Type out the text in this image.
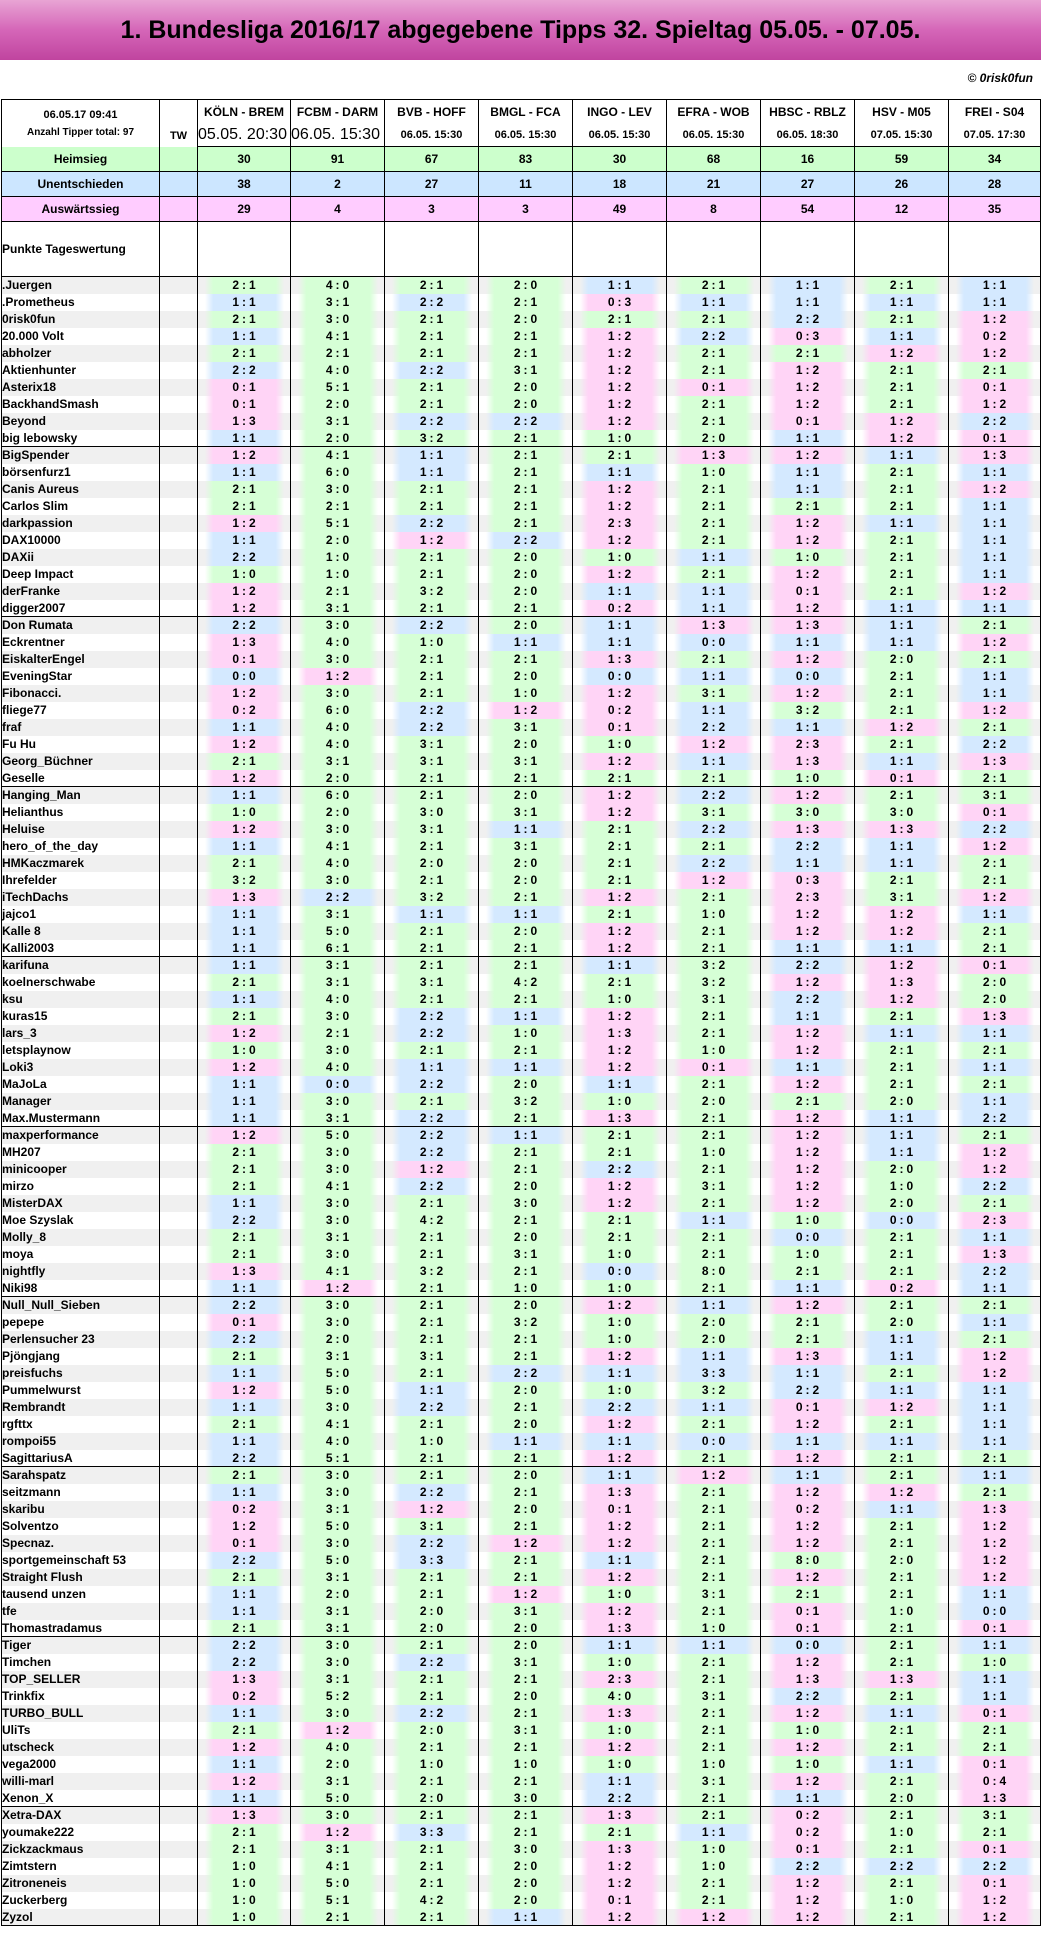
1. Bundesliga 2016/17 abgegebene Tipps 32. Spieltag 05.05. - 07.05.
© 0risk0fun
06.05.17 09:41
Anzahl Tipper total: 97	TW	KÖLN - BREM	FCBM - DARM	BVB - HOFF	BMGL - FCA	INGO - LEV	EFRA - WOB	HBSC - RBLZ	HSV - M05	FREI - S04
		05.05. 20:30	06.05. 15:30	06.05. 15:30	06.05. 15:30	06.05. 15:30	06.05. 15:30	06.05. 18:30	07.05. 15:30	07.05. 17:30
Heimsieg		30	91	67	83	30	68	16	59	34
Unentschieden		38	2	27	11	18	21	27	26	28
Auswärtssieg		29	4	3	3	49	8	54	12	35
Punkte Tageswertung										
.Juergen		2 : 1	4 : 0	2 : 1	2 : 0	1 : 1	2 : 1	1 : 1	2 : 1	1 : 1
.Prometheus		1 : 1	3 : 1	2 : 2	2 : 1	0 : 3	1 : 1	1 : 1	1 : 1	1 : 1
0risk0fun		2 : 1	3 : 0	2 : 1	2 : 0	2 : 1	2 : 1	2 : 2	2 : 1	1 : 2
20.000 Volt		1 : 1	4 : 1	2 : 1	2 : 1	1 : 2	2 : 2	0 : 3	1 : 1	0 : 2
abholzer		2 : 1	2 : 1	2 : 1	2 : 1	1 : 2	2 : 1	2 : 1	1 : 2	1 : 2
Aktienhunter		2 : 2	4 : 0	2 : 2	3 : 1	1 : 2	2 : 1	1 : 2	2 : 1	2 : 1
Asterix18		0 : 1	5 : 1	2 : 1	2 : 0	1 : 2	0 : 1	1 : 2	2 : 1	0 : 1
BackhandSmash		0 : 1	2 : 0	2 : 1	2 : 0	1 : 2	2 : 1	1 : 2	2 : 1	1 : 2
Beyond		1 : 3	3 : 1	2 : 2	2 : 2	1 : 2	2 : 1	0 : 1	1 : 2	2 : 2
big lebowsky		1 : 1	2 : 0	3 : 2	2 : 1	1 : 0	2 : 0	1 : 1	1 : 2	0 : 1
BigSpender		1 : 2	4 : 1	1 : 1	2 : 1	2 : 1	1 : 3	1 : 2	1 : 1	1 : 3
börsenfurz1		1 : 1	6 : 0	1 : 1	2 : 1	1 : 1	1 : 0	1 : 1	2 : 1	1 : 1
Canis Aureus		2 : 1	3 : 0	2 : 1	2 : 1	1 : 2	2 : 1	1 : 1	2 : 1	1 : 2
Carlos Slim		2 : 1	2 : 1	2 : 1	2 : 1	1 : 2	2 : 1	2 : 1	2 : 1	1 : 1
darkpassion		1 : 2	5 : 1	2 : 2	2 : 1	2 : 3	2 : 1	1 : 2	1 : 1	1 : 1
DAX10000		1 : 1	2 : 0	1 : 2	2 : 2	1 : 2	2 : 1	1 : 2	2 : 1	1 : 1
DAXii		2 : 2	1 : 0	2 : 1	2 : 0	1 : 0	1 : 1	1 : 0	2 : 1	1 : 1
Deep Impact		1 : 0	1 : 0	2 : 1	2 : 0	1 : 2	2 : 1	1 : 2	2 : 1	1 : 1
derFranke		1 : 2	2 : 1	3 : 2	2 : 0	1 : 1	1 : 1	0 : 1	2 : 1	1 : 2
digger2007		1 : 2	3 : 1	2 : 1	2 : 1	0 : 2	1 : 1	1 : 2	1 : 1	1 : 1
Don Rumata		2 : 2	3 : 0	2 : 2	2 : 0	1 : 1	1 : 3	1 : 3	1 : 1	2 : 1
Eckrentner		1 : 3	4 : 0	1 : 0	1 : 1	1 : 1	0 : 0	1 : 1	1 : 1	1 : 2
EiskalterEngel		0 : 1	3 : 0	2 : 1	2 : 1	1 : 3	2 : 1	1 : 2	2 : 0	2 : 1
EveningStar		0 : 0	1 : 2	2 : 1	2 : 0	0 : 0	1 : 1	0 : 0	2 : 1	1 : 1
Fibonacci.		1 : 2	3 : 0	2 : 1	1 : 0	1 : 2	3 : 1	1 : 2	2 : 1	1 : 1
fliege77		0 : 2	6 : 0	2 : 2	1 : 2	0 : 2	1 : 1	3 : 2	2 : 1	1 : 2
fraf		1 : 1	4 : 0	2 : 2	3 : 1	0 : 1	2 : 2	1 : 1	1 : 2	2 : 1
Fu Hu		1 : 2	4 : 0	3 : 1	2 : 0	1 : 0	1 : 2	2 : 3	2 : 1	2 : 2
Georg_Büchner		2 : 1	3 : 1	3 : 1	3 : 1	1 : 2	1 : 1	1 : 3	1 : 1	1 : 3
Geselle		1 : 2	2 : 0	2 : 1	2 : 1	2 : 1	2 : 1	1 : 0	0 : 1	2 : 1
Hanging_Man		1 : 1	6 : 0	2 : 1	2 : 0	1 : 2	2 : 2	1 : 2	2 : 1	3 : 1
Helianthus		1 : 0	2 : 0	3 : 0	3 : 1	1 : 2	3 : 1	3 : 0	3 : 0	0 : 1
Heluise		1 : 2	3 : 0	3 : 1	1 : 1	2 : 1	2 : 2	1 : 3	1 : 3	2 : 2
hero_of_the_day		1 : 1	4 : 1	2 : 1	3 : 1	2 : 1	2 : 1	2 : 2	1 : 1	1 : 2
HMKaczmarek		2 : 1	4 : 0	2 : 0	2 : 0	2 : 1	2 : 2	1 : 1	1 : 1	2 : 1
Ihrefelder		3 : 2	3 : 0	2 : 1	2 : 0	2 : 1	1 : 2	0 : 3	2 : 1	2 : 1
iTechDachs		1 : 3	2 : 2	3 : 2	2 : 1	1 : 2	2 : 1	2 : 3	3 : 1	1 : 2
jajco1		1 : 1	3 : 1	1 : 1	1 : 1	2 : 1	1 : 0	1 : 2	1 : 2	1 : 1
Kalle 8		1 : 1	5 : 0	2 : 1	2 : 0	1 : 2	2 : 1	1 : 2	1 : 2	2 : 1
Kalli2003		1 : 1	6 : 1	2 : 1	2 : 1	1 : 2	2 : 1	1 : 1	1 : 1	2 : 1
karifuna		1 : 1	3 : 1	2 : 1	2 : 1	1 : 1	3 : 2	2 : 2	1 : 2	0 : 1
koelnerschwabe		2 : 1	3 : 1	3 : 1	4 : 2	2 : 1	3 : 2	1 : 2	1 : 3	2 : 0
ksu		1 : 1	4 : 0	2 : 1	2 : 1	1 : 0	3 : 1	2 : 2	1 : 2	2 : 0
kuras15		2 : 1	3 : 0	2 : 2	1 : 1	1 : 2	2 : 1	1 : 1	2 : 1	1 : 3
lars_3		1 : 2	2 : 1	2 : 2	1 : 0	1 : 3	2 : 1	1 : 2	1 : 1	1 : 1
letsplaynow		1 : 0	3 : 0	2 : 1	2 : 1	1 : 2	1 : 0	1 : 2	2 : 1	2 : 1
Loki3		1 : 2	4 : 0	1 : 1	1 : 1	1 : 2	0 : 1	1 : 1	2 : 1	1 : 1
MaJoLa		1 : 1	0 : 0	2 : 2	2 : 0	1 : 1	2 : 1	1 : 2	2 : 1	2 : 1
Manager		1 : 1	3 : 0	2 : 1	3 : 2	1 : 0	2 : 0	2 : 1	2 : 0	1 : 1
Max.Mustermann		1 : 1	3 : 1	2 : 2	2 : 1	1 : 3	2 : 1	1 : 2	1 : 1	2 : 2
maxperformance		1 : 2	5 : 0	2 : 2	1 : 1	2 : 1	2 : 1	1 : 2	1 : 1	2 : 1
MH207		2 : 1	3 : 0	2 : 2	2 : 1	2 : 1	1 : 0	1 : 2	1 : 1	1 : 2
minicooper		2 : 1	3 : 0	1 : 2	2 : 1	2 : 2	2 : 1	1 : 2	2 : 0	1 : 2
mirzo		2 : 1	4 : 1	2 : 2	2 : 0	1 : 2	3 : 1	1 : 2	1 : 0	2 : 2
MisterDAX		1 : 1	3 : 0	2 : 1	3 : 0	1 : 2	2 : 1	1 : 2	2 : 0	2 : 1
Moe Szyslak		2 : 2	3 : 0	4 : 2	2 : 1	2 : 1	1 : 1	1 : 0	0 : 0	2 : 3
Molly_8		2 : 1	3 : 1	2 : 1	2 : 0	2 : 1	2 : 1	0 : 0	2 : 1	1 : 1
moya		2 : 1	3 : 0	2 : 1	3 : 1	1 : 0	2 : 1	1 : 0	2 : 1	1 : 3
nightfly		1 : 3	4 : 1	3 : 2	2 : 1	0 : 0	8 : 0	2 : 1	2 : 1	2 : 2
Niki98		1 : 1	1 : 2	2 : 1	1 : 0	1 : 0	2 : 1	1 : 1	0 : 2	1 : 1
Null_Null_Sieben		2 : 2	3 : 0	2 : 1	2 : 0	1 : 2	1 : 1	1 : 2	2 : 1	2 : 1
pepepe		0 : 1	3 : 0	2 : 1	3 : 2	1 : 0	2 : 0	2 : 1	2 : 0	1 : 1
Perlensucher 23		2 : 2	2 : 0	2 : 1	2 : 1	1 : 0	2 : 0	2 : 1	1 : 1	2 : 1
Pjöngjang		2 : 1	3 : 1	3 : 1	2 : 1	1 : 2	1 : 1	1 : 3	1 : 1	1 : 2
preisfuchs		1 : 1	5 : 0	2 : 1	2 : 2	1 : 1	3 : 3	1 : 1	2 : 1	1 : 2
Pummelwurst		1 : 2	5 : 0	1 : 1	2 : 0	1 : 0	3 : 2	2 : 2	1 : 1	1 : 1
Rembrandt		1 : 1	3 : 0	2 : 2	2 : 1	2 : 2	1 : 1	0 : 1	1 : 2	1 : 1
rgfttx		2 : 1	4 : 1	2 : 1	2 : 0	1 : 2	2 : 1	1 : 2	2 : 1	1 : 1
rompoi55		1 : 1	4 : 0	1 : 0	1 : 1	1 : 1	0 : 0	1 : 1	1 : 1	1 : 1
SagittariusA		2 : 2	5 : 1	2 : 1	2 : 1	1 : 2	2 : 1	1 : 2	2 : 1	2 : 1
Sarahspatz		2 : 1	3 : 0	2 : 1	2 : 0	1 : 1	1 : 2	1 : 1	2 : 1	1 : 1
seitzmann		1 : 1	3 : 0	2 : 2	2 : 1	1 : 3	2 : 1	1 : 2	1 : 2	2 : 1
skaribu		0 : 2	3 : 1	1 : 2	2 : 0	0 : 1	2 : 1	0 : 2	1 : 1	1 : 3
Solventzo		1 : 2	5 : 0	3 : 1	2 : 1	1 : 2	2 : 1	1 : 2	2 : 1	1 : 2
Specnaz.		0 : 1	3 : 0	2 : 2	1 : 2	1 : 2	2 : 1	1 : 2	2 : 1	1 : 2
sportgemeinschaft 53		2 : 2	5 : 0	3 : 3	2 : 1	1 : 1	2 : 1	8 : 0	2 : 0	1 : 2
Straight Flush		2 : 1	3 : 1	2 : 1	2 : 1	1 : 2	2 : 1	1 : 2	2 : 1	1 : 2
tausend unzen		1 : 1	2 : 0	2 : 1	1 : 2	1 : 0	3 : 1	2 : 1	2 : 1	1 : 1
tfe		1 : 1	3 : 1	2 : 0	3 : 1	1 : 2	2 : 1	0 : 1	1 : 0	0 : 0
Thomastradamus		2 : 1	3 : 1	2 : 0	2 : 0	1 : 3	1 : 0	0 : 1	2 : 1	0 : 1
Tiger		2 : 2	3 : 0	2 : 1	2 : 0	1 : 1	1 : 1	0 : 0	2 : 1	1 : 1
Timchen		2 : 2	3 : 0	2 : 2	3 : 1	1 : 0	2 : 1	1 : 2	2 : 1	1 : 0
TOP_SELLER		1 : 3	3 : 1	2 : 1	2 : 1	2 : 3	2 : 1	1 : 3	1 : 3	1 : 1
Trinkfix		0 : 2	5 : 2	2 : 1	2 : 0	4 : 0	3 : 1	2 : 2	2 : 1	1 : 1
TURBO_BULL		1 : 1	3 : 0	2 : 2	2 : 1	1 : 3	2 : 1	1 : 2	1 : 1	0 : 1
UliTs		2 : 1	1 : 2	2 : 0	3 : 1	1 : 0	2 : 1	1 : 0	2 : 1	2 : 1
utscheck		1 : 2	4 : 0	2 : 1	2 : 1	1 : 2	2 : 1	1 : 2	2 : 1	2 : 1
vega2000		1 : 1	2 : 0	1 : 0	1 : 0	1 : 0	1 : 0	1 : 0	1 : 1	0 : 1
willi-marl		1 : 2	3 : 1	2 : 1	2 : 1	1 : 1	3 : 1	1 : 2	2 : 1	0 : 4
Xenon_X		1 : 1	5 : 0	2 : 0	3 : 0	2 : 2	2 : 1	1 : 1	2 : 0	1 : 3
Xetra-DAX		1 : 3	3 : 0	2 : 1	2 : 1	1 : 3	2 : 1	0 : 2	2 : 1	3 : 1
youmake222		2 : 1	1 : 2	3 : 3	2 : 1	2 : 1	1 : 1	0 : 2	1 : 0	2 : 1
Zickzackmaus		2 : 1	3 : 1	2 : 1	3 : 0	1 : 3	1 : 0	0 : 1	2 : 1	0 : 1
Zimtstern		1 : 0	4 : 1	2 : 1	2 : 0	1 : 2	1 : 0	2 : 2	2 : 2	2 : 2
Zitroneneis		1 : 0	5 : 0	2 : 1	2 : 0	1 : 2	2 : 1	1 : 2	2 : 1	0 : 1
Zuckerberg		1 : 0	5 : 1	4 : 2	2 : 0	0 : 1	2 : 1	1 : 2	1 : 0	1 : 2
Zyzol		1 : 0	2 : 1	2 : 1	1 : 1	1 : 2	1 : 2	1 : 2	2 : 1	1 : 2
